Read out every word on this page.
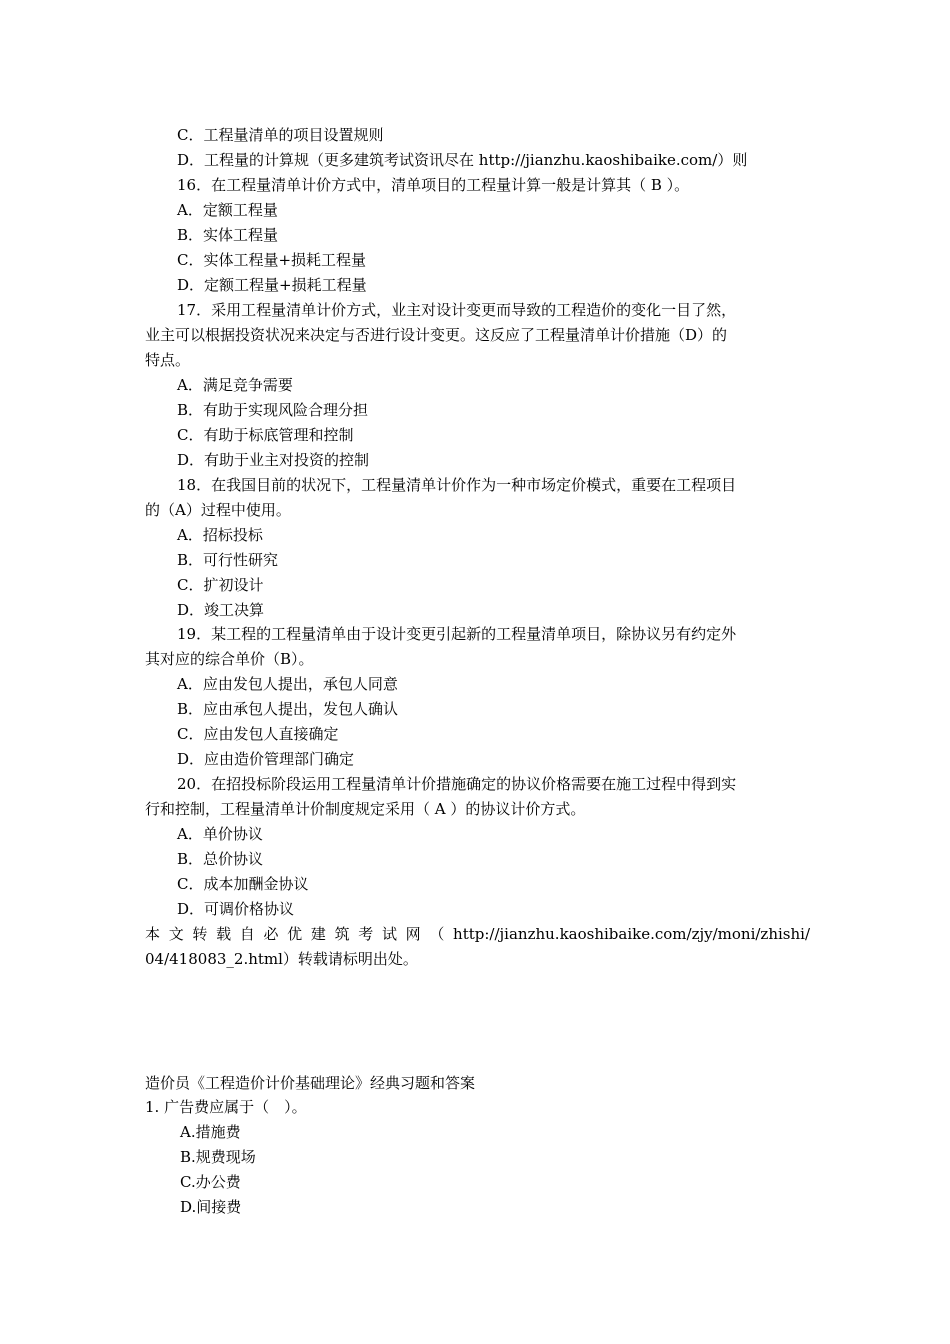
C．工程量清单的项目设置规则
D．工程量的计算规（更多建筑考试资讯尽在 http://jianzhu.kaoshibaike.com/）则
16．在工程量清单计价方式中，清单项目的工程量计算一般是计算其（ B ）。
A．定额工程量
B．实体工程量
C．实体工程量+损耗工程量
D．定额工程量+损耗工程量
17．采用工程量清单计价方式，业主对设计变更而导致的工程造价的变化一目了然，
业主可以根据投资状况来决定与否进行设计变更。这反应了工程量清单计价措施（D）的
特点。
A．满足竞争需要
B．有助于实现风险合理分担
C．有助于标底管理和控制
D．有助于业主对投资的控制
18．在我国目前的状况下，工程量清单计价作为一种市场定价模式，重要在工程项目
的（A）过程中使用。
A．招标投标
B．可行性研究
C．扩初设计
D．竣工决算
19．某工程的工程量清单由于设计变更引起新的工程量清单项目，除协议另有约定外
其对应的综合单价（B）。
A．应由发包人提出，承包人同意
B．应由承包人提出，发包人确认
C．应由发包人直接确定
D．应由造价管理部门确定
20．在招投标阶段运用工程量清单计价措施确定的协议价格需要在施工过程中得到实
行和控制，工程量清单计价制度规定采用（ A ）的协议计价方式。
A．单价协议
B．总价协议
C．成本加酬金协议
D．可调价格协议
本文转载自必优建筑考试网（http://jianzhu.kaoshibaike.com/zjy/moni/zhishi/
04/418083_2.html）转载请标明出处。
造价员《工程造价计价基础理论》经典习题和答案
1. 广告费应属于（　）。
A.措施费
B.规费现场
C.办公费
D.间接费
